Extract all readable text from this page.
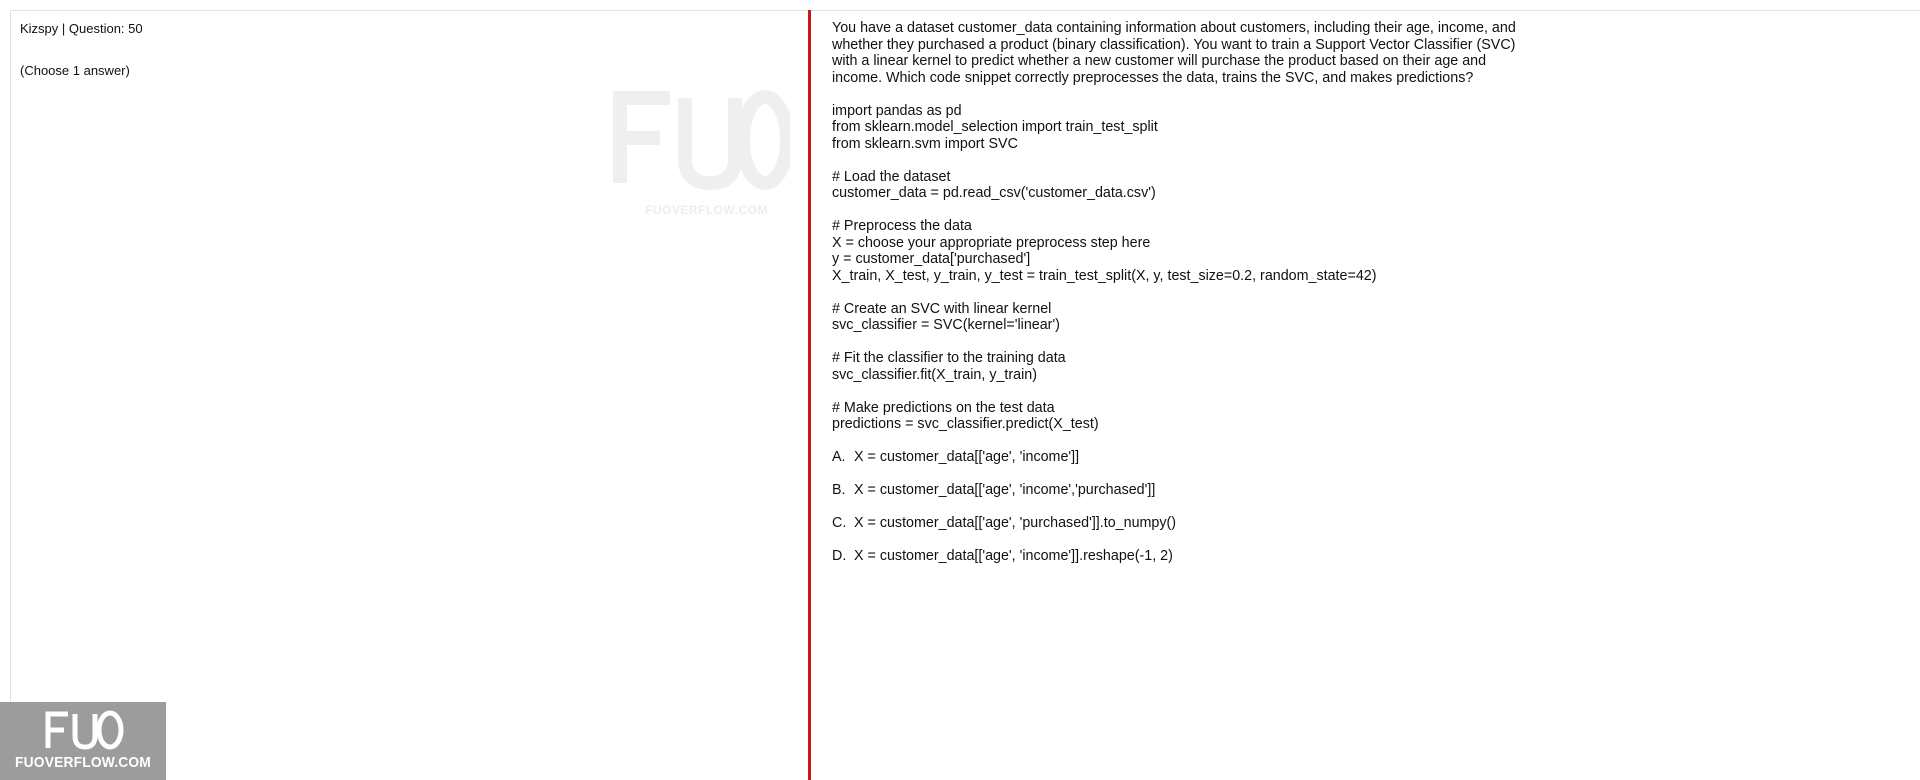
Kizspy | Question: 50
(Choose 1 answer)
FUOVERFLOW.COM

You have a dataset customer_data containing information about customers, including their age, income, and

whether they purchased a product (binary classification). You want to train a Support Vector Classifier (SVC)

with a linear kernel to predict whether a new customer will purchase the product based on their age and

income. Which code snippet correctly preprocesses the data, trains the SVC, and makes predictions?

import pandas as pd

from sklearn.model_selection import train_test_split

from sklearn.svm import SVC

# Load the dataset

customer_data = pd.read_csv('customer_data.csv')

# Preprocess the data

X = choose your appropriate preprocess step here

y = customer_data['purchased']

X_train, X_test, y_train, y_test = train_test_split(X, y, test_size=0.2, random_state=42)

# Create an SVC with linear kernel

svc_classifier = SVC(kernel='linear')

# Fit the classifier to the training data

svc_classifier.fit(X_train, y_train)

# Make predictions on the test data

predictions = svc_classifier.predict(X_test)

A. X = customer_data[['age', 'income']]

B. X = customer_data[['age', 'income','purchased']]

C. X = customer_data[['age', 'purchased']].to_numpy()

D. X = customer_data[['age', 'income']].reshape(-1, 2)

FUOVERFLOW.COM
